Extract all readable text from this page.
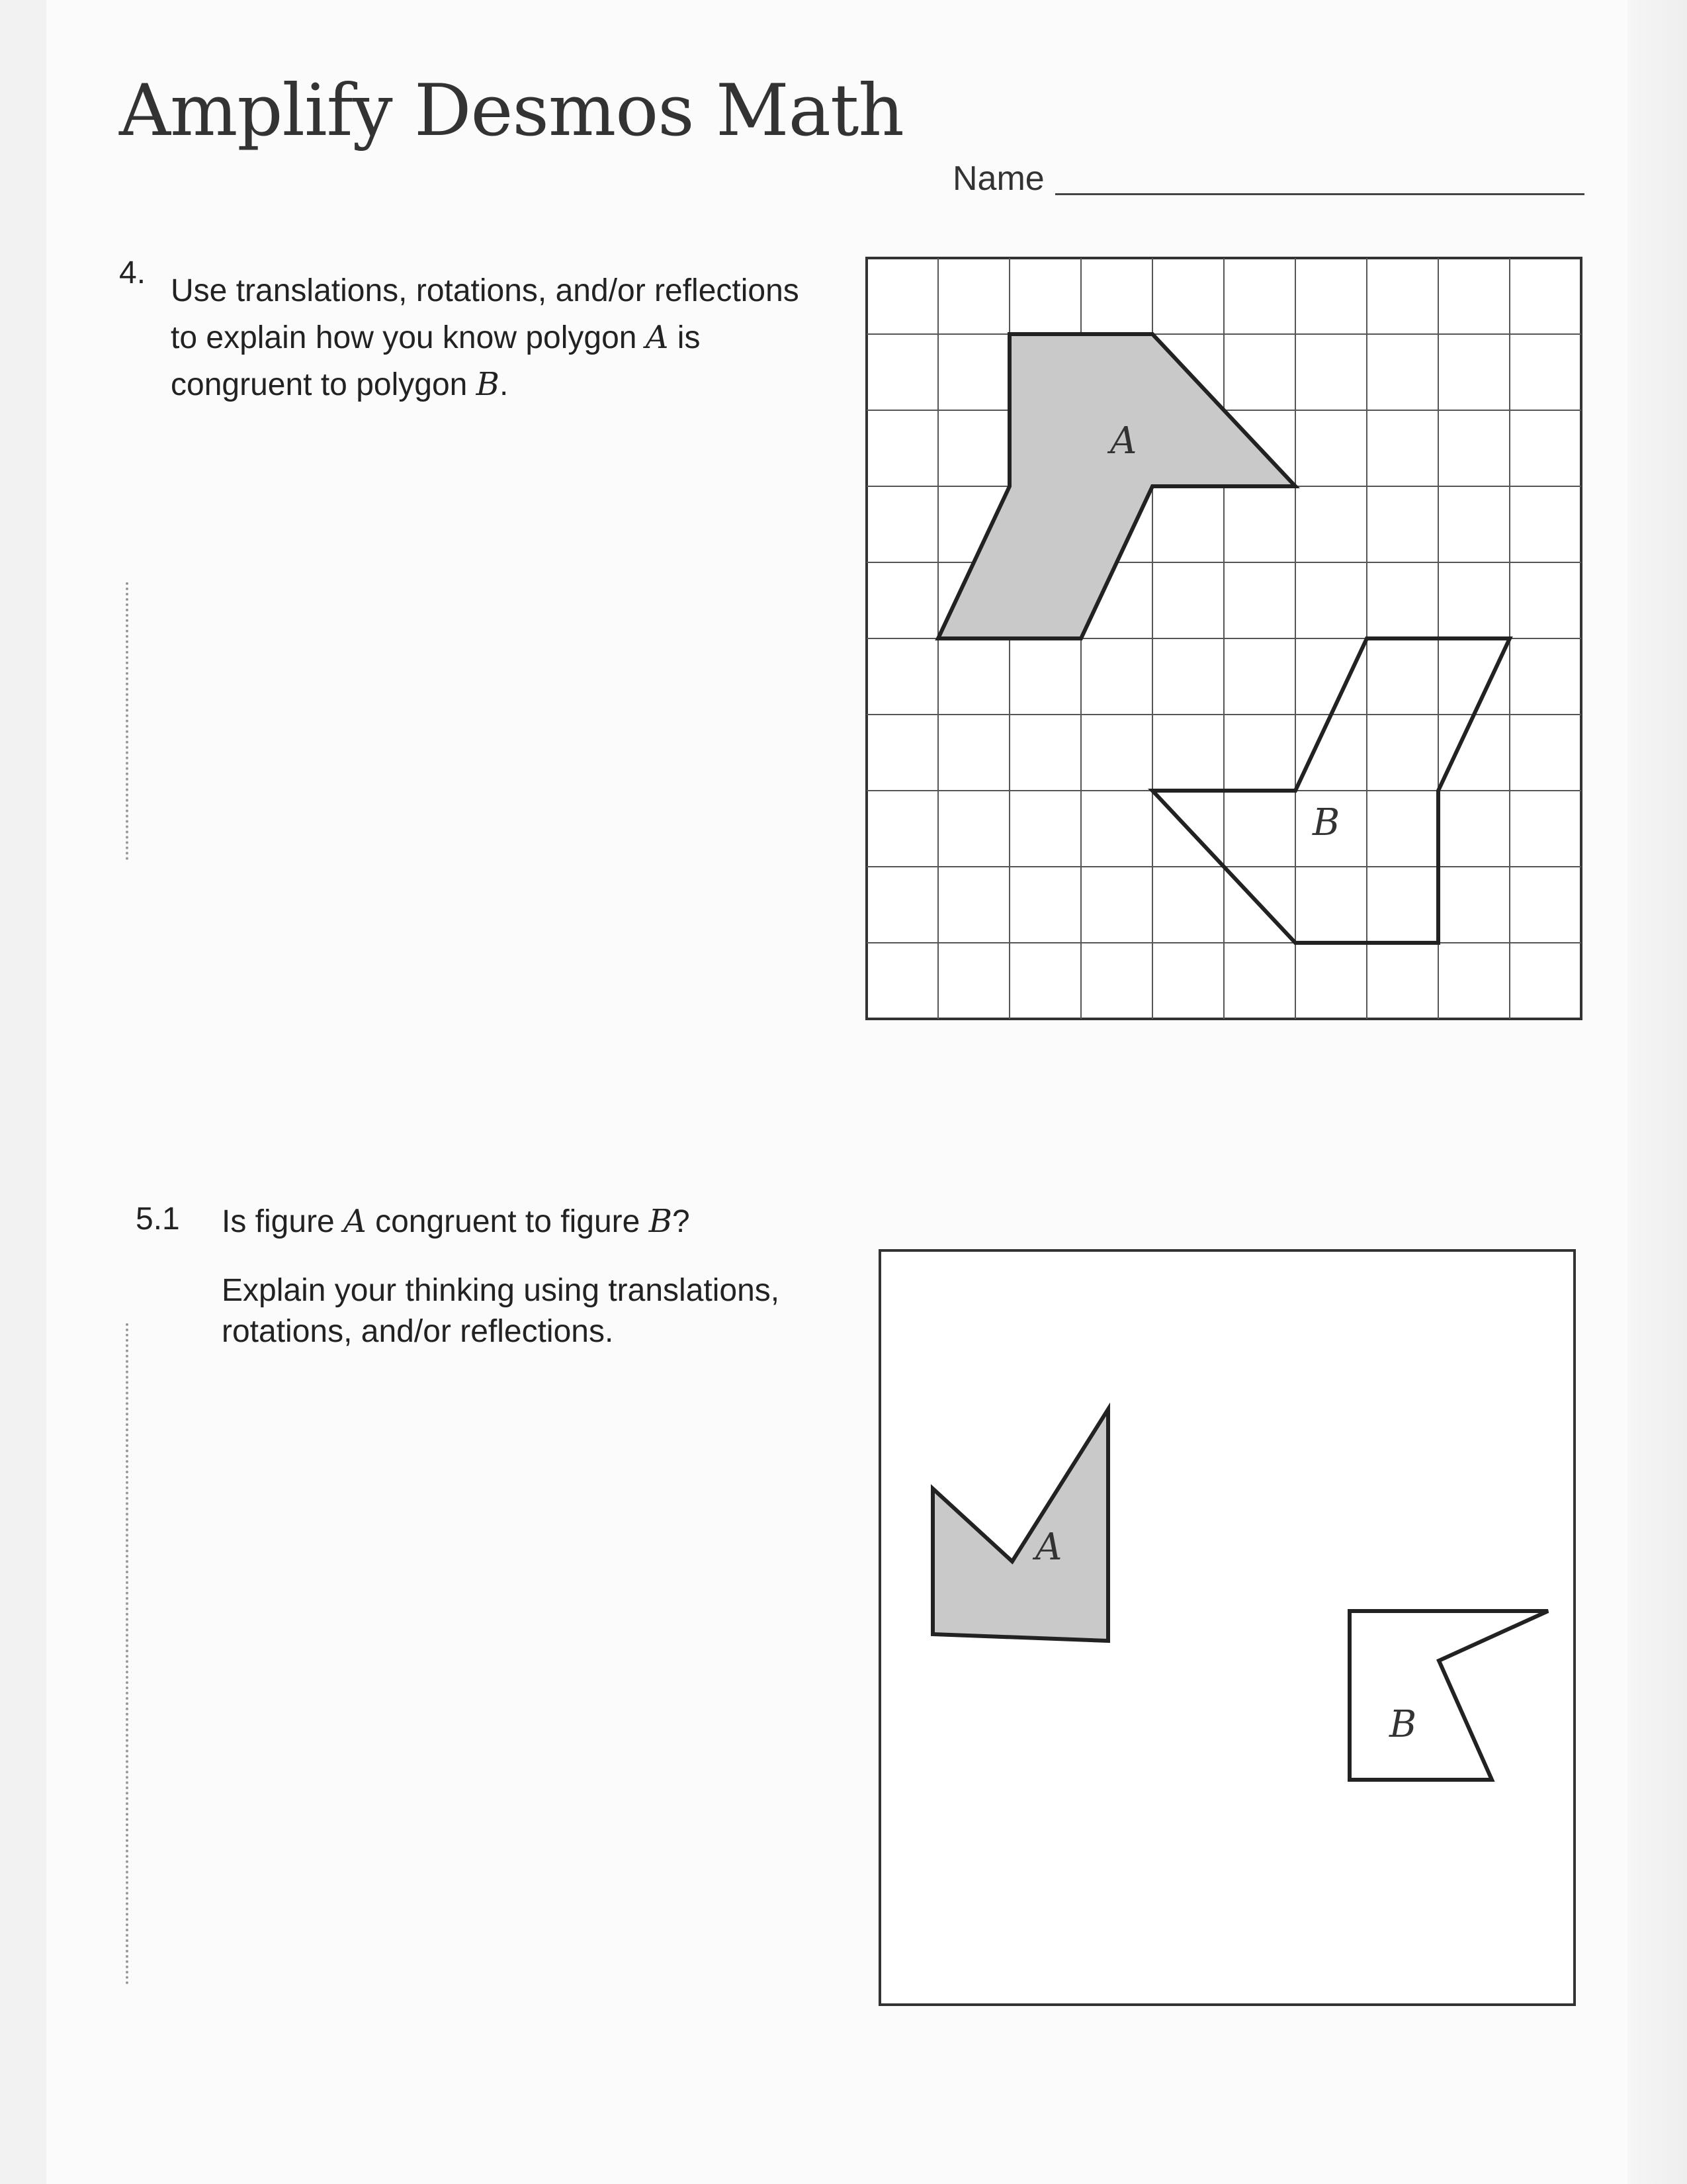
Amplify Desmos Math
Name
4.

Use translations, rotations, and/or reflections

to explain how you know polygon A is

congruent to polygon B.

A
B
5.1 Is figure A congruent to figure B?

Explain your thinking using translations,
rotations, and/or reflections.

A
B
